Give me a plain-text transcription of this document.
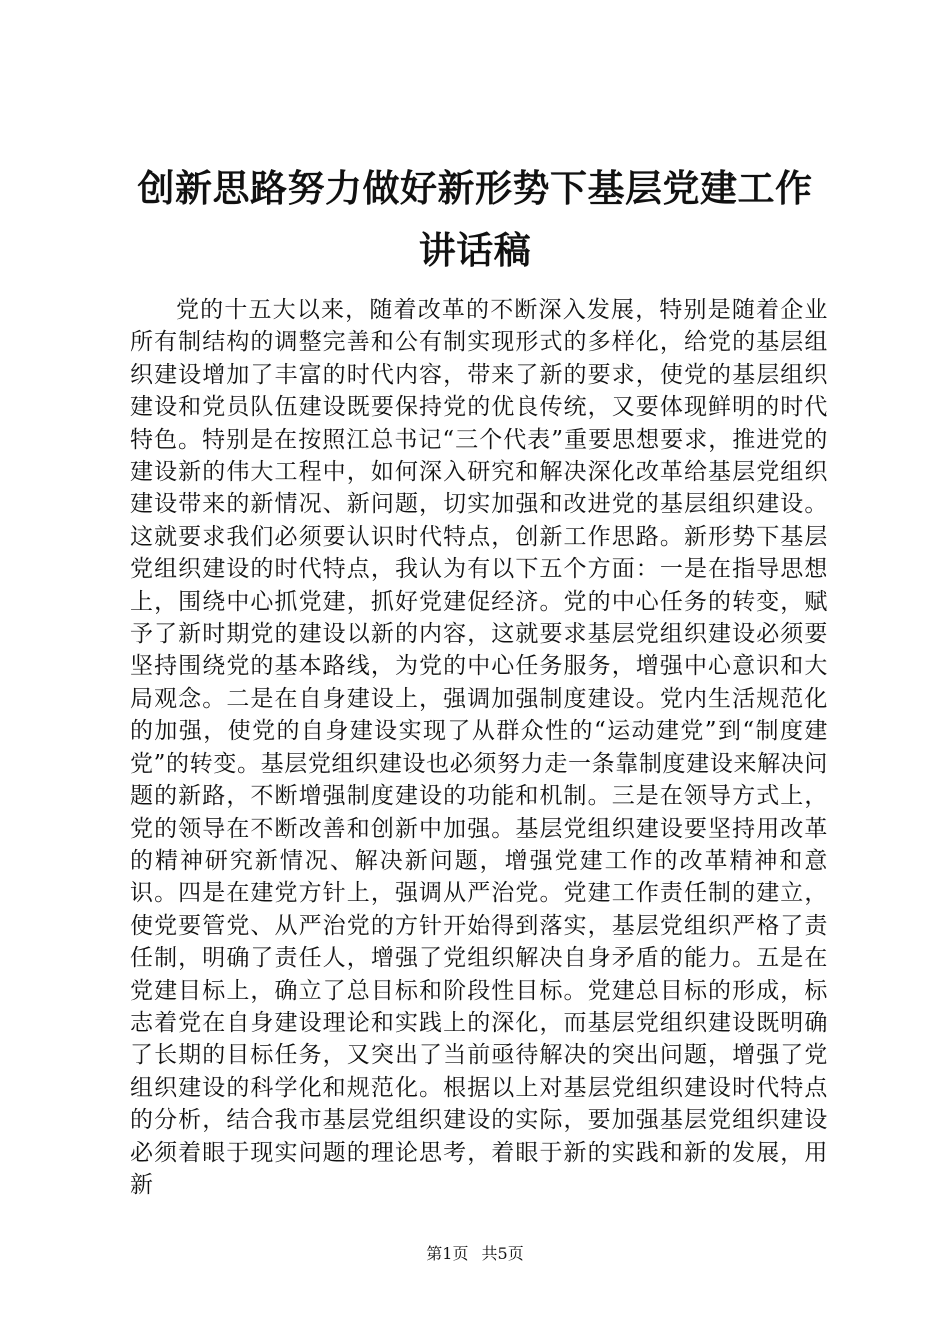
创新思路努力做好新形势下基层党建工作讲话稿

党的十五大以来，随着改革的不断深入发展，特别是随着企业所有制结构的调整完善和公有制实现形式的多样化，给党的基层组织建设增加了丰富的时代内容，带来了新的要求，使党的基层组织建设和党员队伍建设既要保持党的优良传统，又要体现鲜明的时代特色。特别是在按照江总书记“三个代表”重要思想要求，推进党的建设新的伟大工程中，如何深入研究和解决深化改革给基层党组织建设带来的新情况、新问题，切实加强和改进党的基层组织建设。这就要求我们必须要认识时代特点，创新工作思路。新形势下基层党组织建设的时代特点，我认为有以下五个方面：一是在指导思想上，围绕中心抓党建，抓好党建促经济。党的中心任务的转变，赋予了新时期党的建设以新的内容，这就要求基层党组织建设必须要坚持围绕党的基本路线，为党的中心任务服务，增强中心意识和大局观念。二是在自身建设上，强调加强制度建设。党内生活规范化的加强，使党的自身建设实现了从群众性的“运动建党”到“制度建党”的转变。基层党组织建设也必须努力走一条靠制度建设来解决问题的新路，不断增强制度建设的功能和机制。三是在领导方式上，党的领导在不断改善和创新中加强。基层党组织建设要坚持用改革的精神研究新情况、解决新问题，增强党建工作的改革精神和意识。四是在建党方针上，强调从严治党。党建工作责任制的建立，使党要管党、从严治党的方针开始得到落实，基层党组织严格了责任制，明确了责任人，增强了党组织解决自身矛盾的能力。五是在党建目标上，确立了总目标和阶段性目标。党建总目标的形成，标志着党在自身建设理论和实践上的深化，而基层党组织建设既明确了长期的目标任务，又突出了当前亟待解决的突出问题，增强了党组织建设的科学化和规范化。根据以上对基层党组织建设时代特点的分析，结合我市基层党组织建设的实际，要加强基层党组织建设必须着眼于现实问题的理论思考，着眼于新的实践和新的发展，用新

第1页 共5页
